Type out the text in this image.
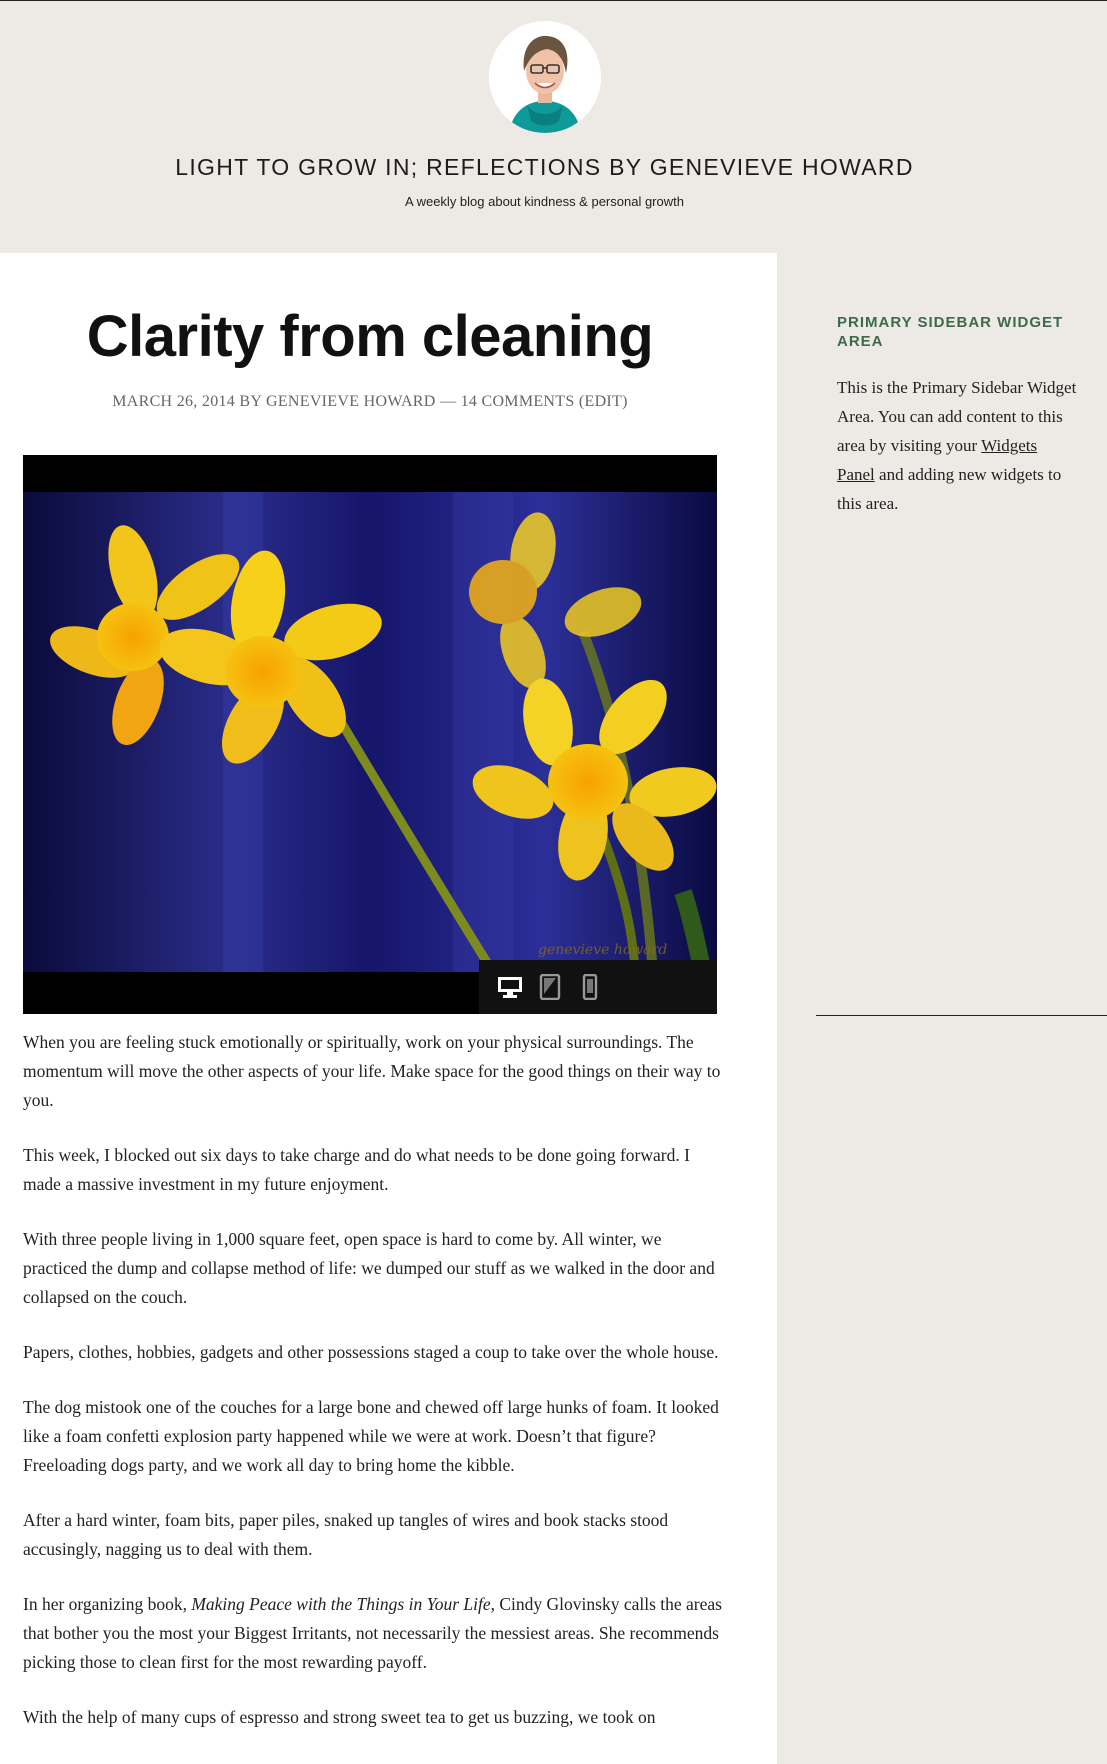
LIGHT TO GROW IN; REFLECTIONS BY GENEVIEVE HOWARD
A weekly blog about kindness & personal growth
Clarity from cleaning
MARCH 26, 2014 BY GENEVIEVE HOWARD — 14 COMMENTS (EDIT)
genevieve howard

When you are feeling stuck emotionally or spiritually, work on your physical surroundings. The momentum will move the other aspects of your life. Make space for the good things on their way to you.

This week, I blocked out six days to take charge and do what needs to be done going forward. I made a massive investment in my future enjoyment.

With three people living in 1,000 square feet, open space is hard to come by. All winter, we practiced the dump and collapse method of life: we dumped our stuff as we walked in the door and collapsed on the couch.

Papers, clothes, hobbies, gadgets and other possessions staged a coup to take over the whole house.

The dog mistook one of the couches for a large bone and chewed off large hunks of foam. It looked like a foam confetti explosion party happened while we were at work. Doesn’t that figure? Freeloading dogs party, and we work all day to bring home the kibble.

After a hard winter, foam bits, paper piles, snaked up tangles of wires and book stacks stood accusingly, nagging us to deal with them.

In her organizing book, Making Peace with the Things in Your Life, Cindy Glovinsky calls the areas that bother you the most your Biggest Irritants, not necessarily the messiest areas. She recommends picking those to clean first for the most rewarding payoff.

With the help of many cups of espresso and strong sweet tea to get us buzzing, we took on

PRIMARY SIDEBAR WIDGET AREA

This is the Primary Sidebar Widget Area. You can add content to this area by visiting your Widgets Panel and adding new widgets to this area.
